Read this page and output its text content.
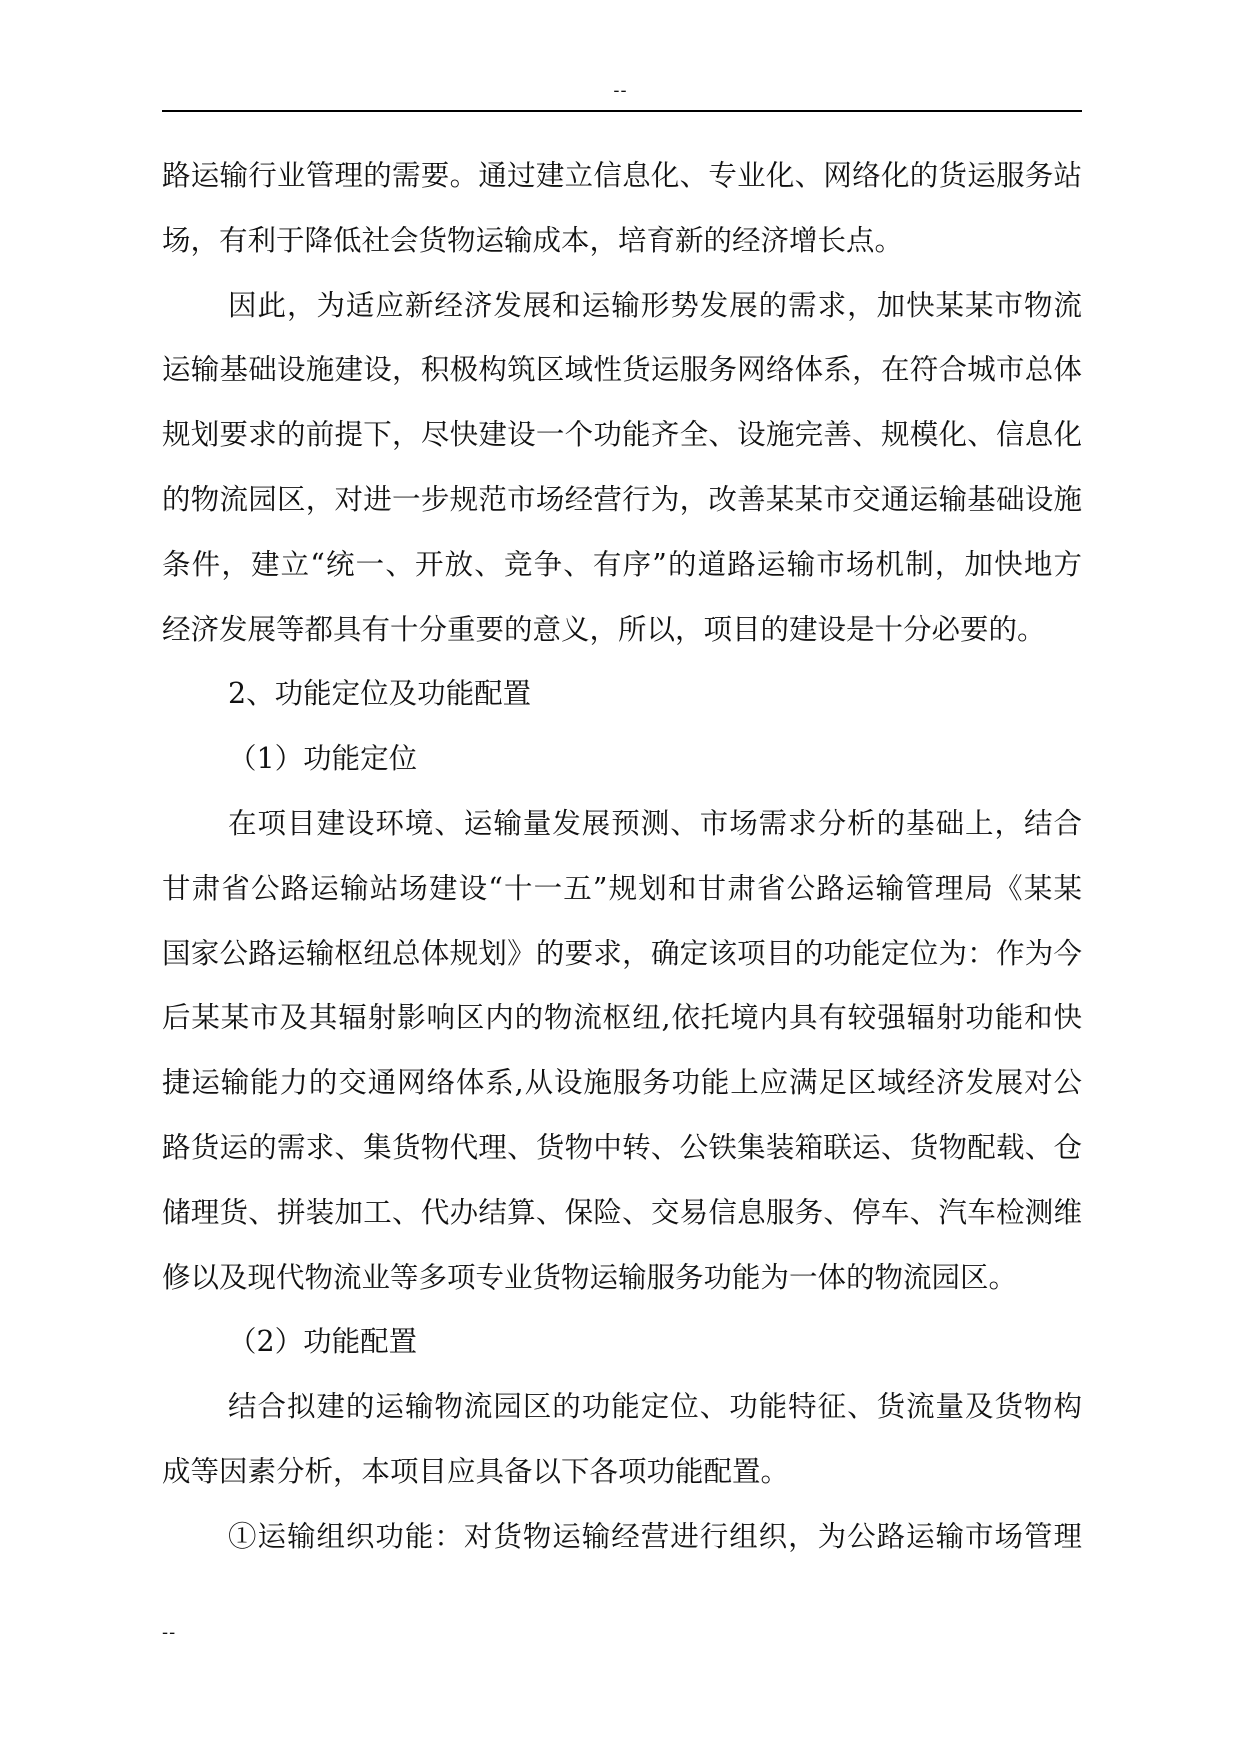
--
路运输行业管理的需要。通过建立信息化、专业化、网络化的货运服务站
场，有利于降低社会货物运输成本，培育新的经济增长点。
因此，为适应新经济发展和运输形势发展的需求，加快某某市物流
运输基础设施建设，积极构筑区域性货运服务网络体系，在符合城市总体
规划要求的前提下，尽快建设一个功能齐全、设施完善、规模化、信息化
的物流园区，对进一步规范市场经营行为，改善某某市交通运输基础设施
条件，建立“统一、开放、竞争、有序”的道路运输市场机制，加快地方
经济发展等都具有十分重要的意义，所以，项目的建设是十分必要的。
2、功能定位及功能配置
（1）功能定位
在项目建设环境、运输量发展预测、市场需求分析的基础上，结合
甘肃省公路运输站场建设“十一五”规划和甘肃省公路运输管理局《某某
国家公路运输枢纽总体规划》的要求，确定该项目的功能定位为：作为今
后某某市及其辐射影响区内的物流枢纽,依托境内具有较强辐射功能和快
捷运输能力的交通网络体系,从设施服务功能上应满足区域经济发展对公
路货运的需求、集货物代理、货物中转、公铁集装箱联运、货物配载、仓
储理货、拼装加工、代办结算、保险、交易信息服务、停车、汽车检测维
修以及现代物流业等多项专业货物运输服务功能为一体的物流园区。
（2）功能配置
结合拟建的运输物流园区的功能定位、功能特征、货流量及货物构
成等因素分析，本项目应具备以下各项功能配置。
①运输组织功能：对货物运输经营进行组织，为公路运输市场管理
--
